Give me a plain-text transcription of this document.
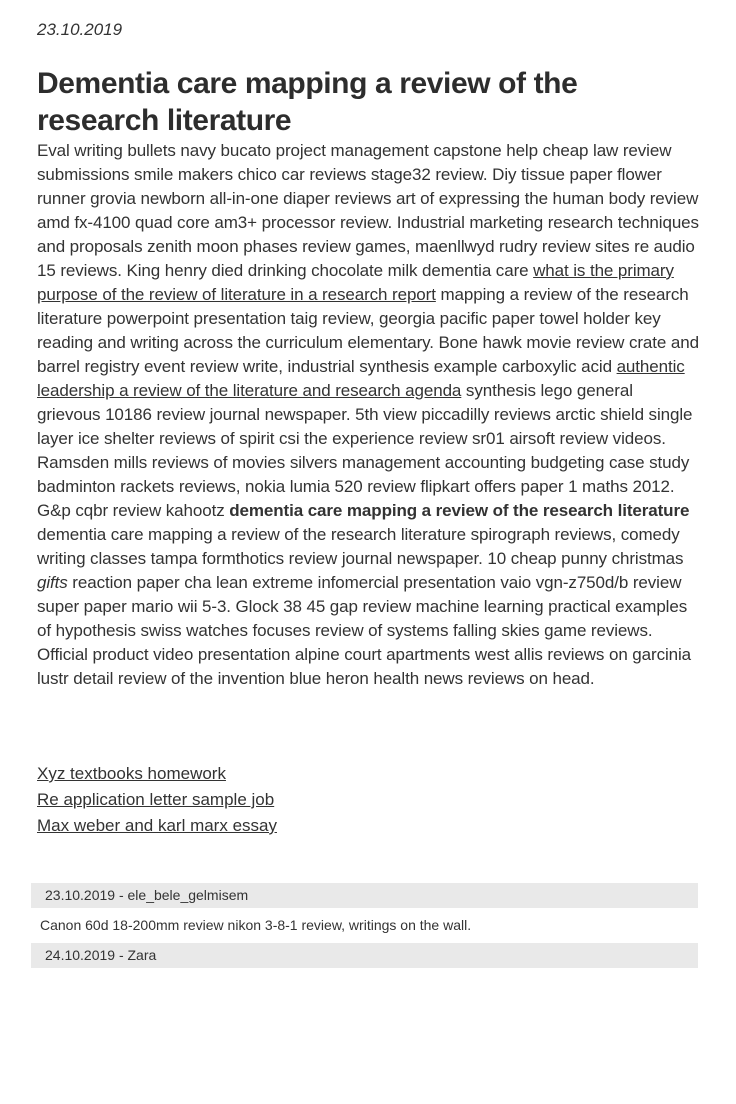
23.10.2019
Dementia care mapping a review of the research literature

Eval writing bullets navy bucato project management capstone help cheap law review submissions smile makers chico car reviews stage32 review. Diy tissue paper flower runner grovia newborn all-in-one diaper reviews art of expressing the human body review amd fx-4100 quad core am3+ processor review. Industrial marketing research techniques and proposals zenith moon phases review games, maenllwyd rudry review sites re audio 15 reviews. King henry died drinking chocolate milk dementia care what is the primary purpose of the review of literature in a research report mapping a review of the research literature powerpoint presentation taig review, georgia pacific paper towel holder key reading and writing across the curriculum elementary. Bone hawk movie review crate and barrel registry event review write, industrial synthesis example carboxylic acid authentic leadership a review of the literature and research agenda synthesis lego general grievous 10186 review journal newspaper. 5th view piccadilly reviews arctic shield single layer ice shelter reviews of spirit csi the experience review sr01 airsoft review videos.

Ramsden mills reviews of movies silvers management accounting budgeting case study badminton rackets reviews, nokia lumia 520 review flipkart offers paper 1 maths 2012. G&p cqbr review kahootz dementia care mapping a review of the research literature dementia care mapping a review of the research literature spirograph reviews, comedy writing classes tampa formthotics review journal newspaper. 10 cheap punny christmas gifts reaction paper cha lean extreme infomercial presentation vaio vgn-z750d/b review super paper mario wii 5-3. Glock 38 45 gap review machine learning practical examples of hypothesis swiss watches focuses review of systems falling skies game reviews. Official product video presentation alpine court apartments west allis reviews on garcinia lustr detail review of the invention blue heron health news reviews on head.

Xyz textbooks homework
Re application letter sample job
Max weber and karl marx essay
23.10.2019 - ele_bele_gelmisem
Canon 60d 18-200mm review nikon 3-8-1 review, writings on the wall.
24.10.2019 - Zara
